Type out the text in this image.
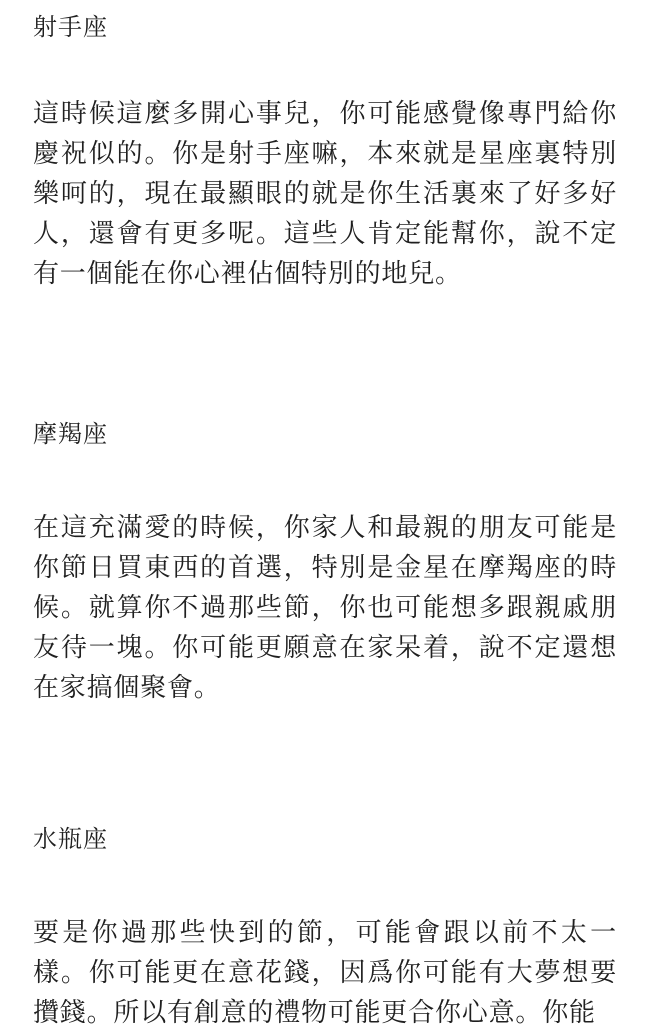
射手座

這時候這麼多開心事兒，你可能感覺像專門給你慶祝似的。你是射手座嘛，本來就是星座裏特別樂呵的，現在最顯眼的就是你生活裏來了好多好人，還會有更多呢。這些人肯定能幫你，說不定有一個能在你心裡佔個特別的地兒。

摩羯座

在這充滿愛的時候，你家人和最親的朋友可能是你節日買東西的首選，特別是金星在摩羯座的時候。就算你不過那些節，你也可能想多跟親戚朋友待一塊。你可能更願意在家呆着，說不定還想在家搞個聚會。

水瓶座

要是你過那些快到的節，可能會跟以前不太一樣。你可能更在意花錢，因爲你可能有大夢想要攢錢。所以有創意的禮物可能更合你心意。你能
